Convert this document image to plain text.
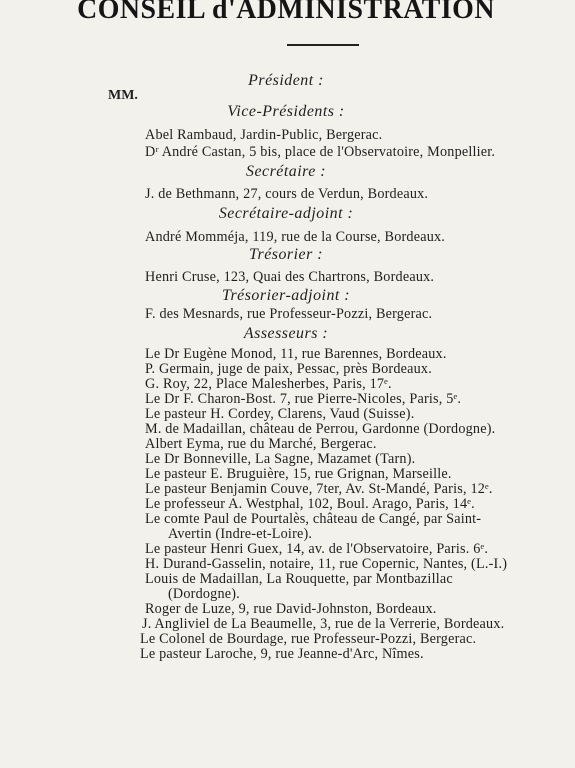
CONSEIL d'ADMINISTRATION
Président :
MM.
Vice-Présidents :
Abel Rambaud, Jardin-Public, Bergerac.
Dʳ André Castan, 5 bis, place de l'Observatoire, Monpellier.
Secrétaire :
J. de Bethmann, 27, cours de Verdun, Bordeaux.
Secrétaire-adjoint :
André Momméja, 119, rue de la Course, Bordeaux.
Trésorier :
Henri Cruse, 123, Quai des Chartrons, Bordeaux.
Trésorier-adjoint :
F. des Mesnards, rue Professeur-Pozzi, Bergerac.
Assesseurs :
Le Dr Eugène Monod, 11, rue Barennes, Bordeaux.
P. Germain, juge de paix, Pessac, près Bordeaux.
G. Roy, 22, Place Malesherbes, Paris, 17ᵉ.
Le Dr F. Charon-Bost. 7, rue Pierre-Nicoles, Paris, 5ᵉ.
Le pasteur H. Cordey, Clarens, Vaud (Suisse).
M. de Madaillan, château de Perrou, Gardonne (Dordogne).
Albert Eyma, rue du Marché, Bergerac.
Le Dr Bonneville, La Sagne, Mazamet (Tarn).
Le pasteur E. Bruguière, 15, rue Grignan, Marseille.
Le pasteur Benjamin Couve, 7ter, Av. St-Mandé, Paris, 12ᵉ.
Le professeur A. Westphal, 102, Boul. Arago, Paris, 14ᵉ.
Le comte Paul de Pourtalès, château de Cangé, par Saint-
Avertin (Indre-et-Loire).
Le pasteur Henri Guex, 14, av. de l'Observatoire, Paris. 6ᵉ.
H. Durand-Gasselin, notaire, 11, rue Copernic, Nantes, (L.-I.)
Louis de Madaillan, La Rouquette, par Montbazillac
(Dordogne).
Roger de Luze, 9, rue David-Johnston, Bordeaux.
J. Angliviel de La Beaumelle, 3, rue de la Verrerie, Bordeaux.
Le Colonel de Bourdage, rue Professeur-Pozzi, Bergerac.
Le pasteur Laroche, 9, rue Jeanne-d'Arc, Nîmes.
